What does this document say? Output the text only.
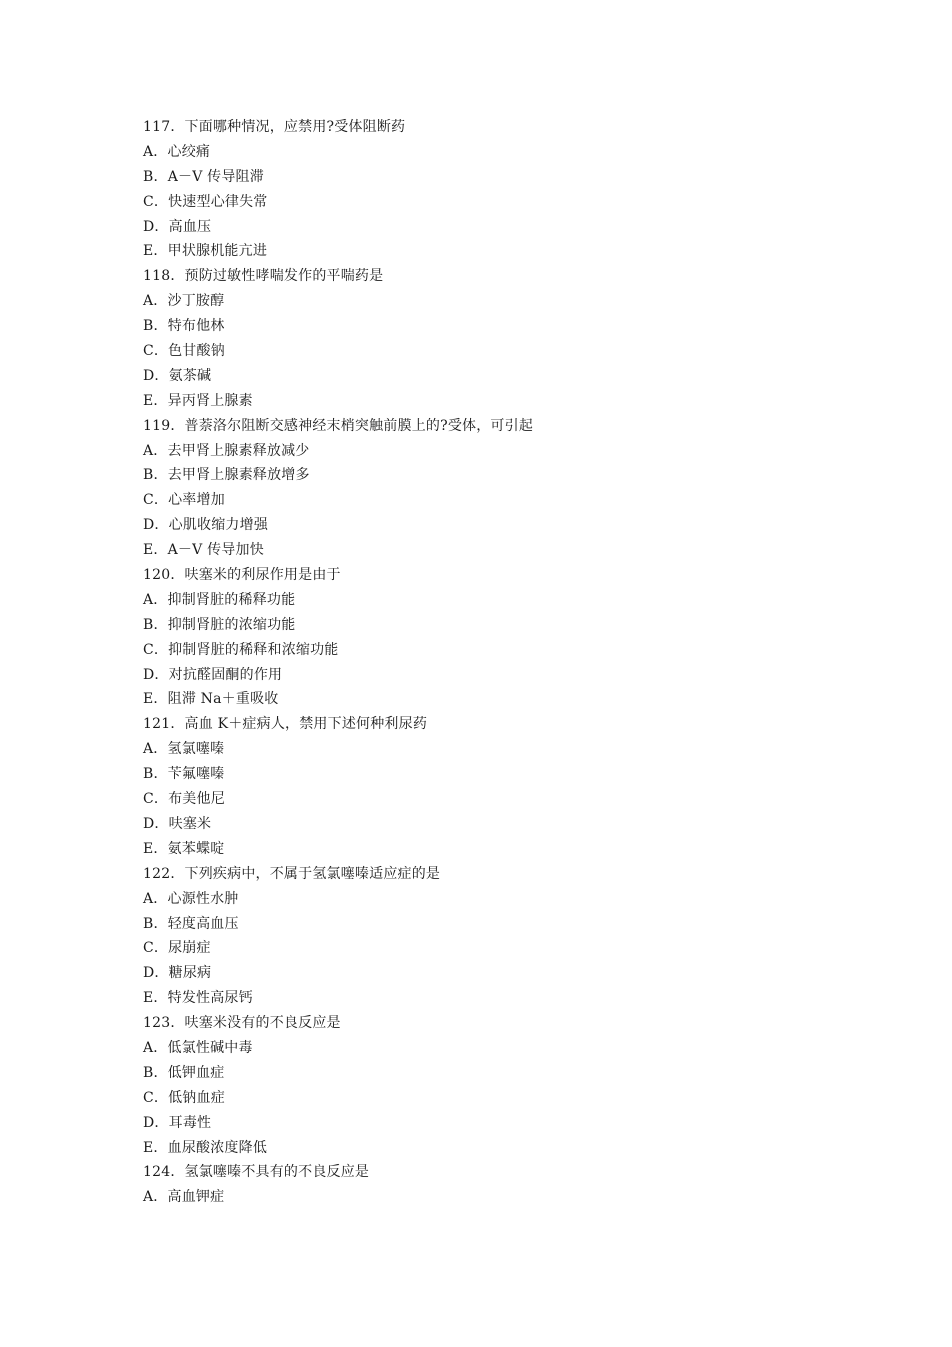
117．下面哪种情况，应禁用?受体阻断药
A．心绞痛
B．A－V 传导阻滞
C．快速型心律失常
D．高血压
E．甲状腺机能亢进
118．预防过敏性哮喘发作的平喘药是
A．沙丁胺醇
B．特布他林
C．色甘酸钠
D．氨茶碱
E．异丙肾上腺素
119．普萘洛尔阻断交感神经末梢突触前膜上的?受体，可引起
A．去甲肾上腺素释放减少
B．去甲肾上腺素释放增多
C．心率增加
D．心肌收缩力增强
E．A－V 传导加快
120．呋塞米的利尿作用是由于
A．抑制肾脏的稀释功能
B．抑制肾脏的浓缩功能
C．抑制肾脏的稀释和浓缩功能
D．对抗醛固酮的作用
E．阻滞 Na＋重吸收
121．高血 K＋症病人，禁用下述何种利尿药
A．氢氯噻嗪
B．苄氟噻嗪
C．布美他尼
D．呋塞米
E．氨苯蝶啶
122．下列疾病中，不属于氢氯噻嗪适应症的是
A．心源性水肿
B．轻度高血压
C．尿崩症
D．糖尿病
E．特发性高尿钙
123．呋塞米没有的不良反应是
A．低氯性碱中毒
B．低钾血症
C．低钠血症
D．耳毒性
E．血尿酸浓度降低
124．氢氯噻嗪不具有的不良反应是
A．高血钾症
